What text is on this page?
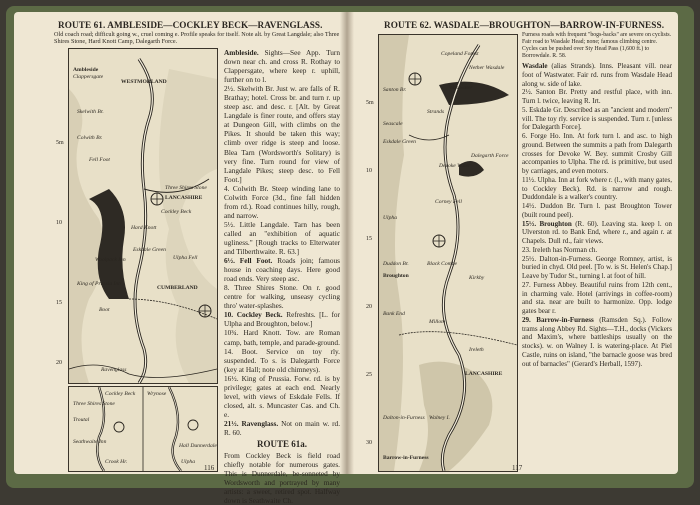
ROUTE 61. AMBLESIDE—COCKLEY BECK—RAVENGLASS.
Old coach road; difficult going w., cruel coming e. Profile speaks for itself. Note alt. by Great Langdale; also Three Shires Stone, Hard Knott Camp, Dalegarth Force.
Ambleside
Clappersgate
WESTMORLAND
Skelwith Br.
Colwith Br.
Fell Foot
Three Shires Stone
LANCASHIRE
Cockley Beck
Hard Knott
Eskdale Green
Woolpack Inn	Ulpha Fell
King of Prussia Inn
Boot
CUMBERLAND
Ravenglass
5m
10
15
20
Cockley Beck
Three Shires Stone
Wrynose
Troutal
Seathwaite Inn
Crook Hr.
Hall Dunnerdale
Ulpha

Ambleside. Sights—See App. Turn down near ch. and cross R. Rothay to Clappersgate, where keep r. uphill, further on to l.

2½. Skelwith Br. Just w. are falls of R. Brathay; hotel. Cross br. and turn r. up steep asc. and desc. r. [Alt. by Great Langdale is finer route, and offers stay at Dungeon Gill, with climbs on the Pikes. It should be taken this way; climb over ridge is steep and loose. Blea Tarn (Wordsworth's Solitary) is very fine. Turn round for view of Langdale Pikes; steep desc. to Fell Foot.]

4. Colwith Br. Steep winding lane to Colwith Force (3d., fine fall hidden from rd.). Road continues hilly, rough, and narrow.

5½. Little Langdale. Tarn has been called an "exhibition of aquatic ugliness." [Rough tracks to Elterwater and Tilberthwaite. R. 63.]

6½. Fell Foot. Roads join; famous house in coaching days. Here good road ends. Very steep asc.

8. Three Shires Stone. On r. good centre for walking, unseasy cycling thro' water-splashes.

10. Cockley Beck. Refreshts. [L. for Ulpha and Broughton, below.]

10¾. Hard Knott. Tow. are Roman camp, bath, temple, and parade-ground.

14. Boot. Service on toy rly. suspended. To s. is Dalegarth Force (key at Hall; note old chimneys).

16½. King of Prussia. Forw. rd. is by privilege; gates at each end. Nearly level, with views of Eskdale Fells. If closed, alt. s. Muncaster Cas. and Ch. e.

21½. Ravenglass. Not on main w. rd. R. 60.

ROUTE 61a.

From Cockley Beck is field road chiefly notable for numerous gates. This is Dunnerdale, be-sonneted by Wordsworth and portrayed by many artists: a sweet, retired spot. Halfway down is Seathwaite Ch.

116
ROUTE 62. WASDALE—BROUGHTON—BARROW-IN-FURNESS.
Copeland Forest
Nether Wasdale
Santon Br.	Wastwater
Strands
Seascale
Eskdale Green
Devoke Water
Dalegarth Force
Ulpha
Corney Fell
Duddon Br.
Broughton
Black Combe
Kirkby
Bank End
Millom
Ireleth
Walney I.
Dalton-in-Furness
Barrow-in-Furness
LANCASHIRE
5m
10
15
20
25
30
Furness roads with frequent "bogs-backs" are severe on cyclists. Fair road to Wasdale Head; none; famous climbing centre. Cycles can be pushed over Sty Head Pass (1,600 ft.) to Borrowdale. R. 58.

Wasdale (alias Strands). Inns. Pleasant vill. near foot of Wastwater. Fair rd. runs from Wasdale Head along w. side of lake.

2½. Santon Br. Pretty and restful place, with inn. Turn l. twice, leaving R. Irt.

5. Eskdale Gr. Described as an "ancient and modern" vill. The toy rly. service is suspended. Turn r. [unless for Dalegarth Force].

6. Forge Ho. Inn. At fork turn l. and asc. to high ground. Between the summits a path from Dalegarth crosses for Devoke W. Bey. summit Crosby Gill accompanies to Ulpha. The rd. is primitive, but used by carriages, and even motors.

11½. Ulpha. Inn at fork where r. (l., with many gates, to Cockley Beck). Rd. is narrow and rough. Duddondale is a walker's country.

14½. Duddon Br. Turn l. past Broughton Tower (built round peel).

15½. Broughton (R. 60). Leaving sta. keep l. on Ulverston rd. to Bank End, where r., and again r. at Chapels. Dull rd., fair views.

23. Ireleth has Norman ch.

25½. Dalton-in-Furness. George Romney, artist, is buried in chyd. Old peel. [To w. is St. Helen's Chap.] Leave by Tudor St., turning l. at foot of hill.

27. Furness Abbey. Beautiful ruins from 12th cent., in charming vale. Hotel (arrivings in coffee-room) and sta. near are built to harmonize. Opp. lodge gates bear r.

29. Barrow-in-Furness (Ramsden Sq.). Follow trams along Abbey Rd. Sights—T.H., docks (Vickers and Maxim's, where battleships usually on the stocks). w. on Walney I. is watering-place. At Piel Castle, ruins on island, "the barnacle goose was bred out of barnacles" (Gerard's Herball, 1597).

117
